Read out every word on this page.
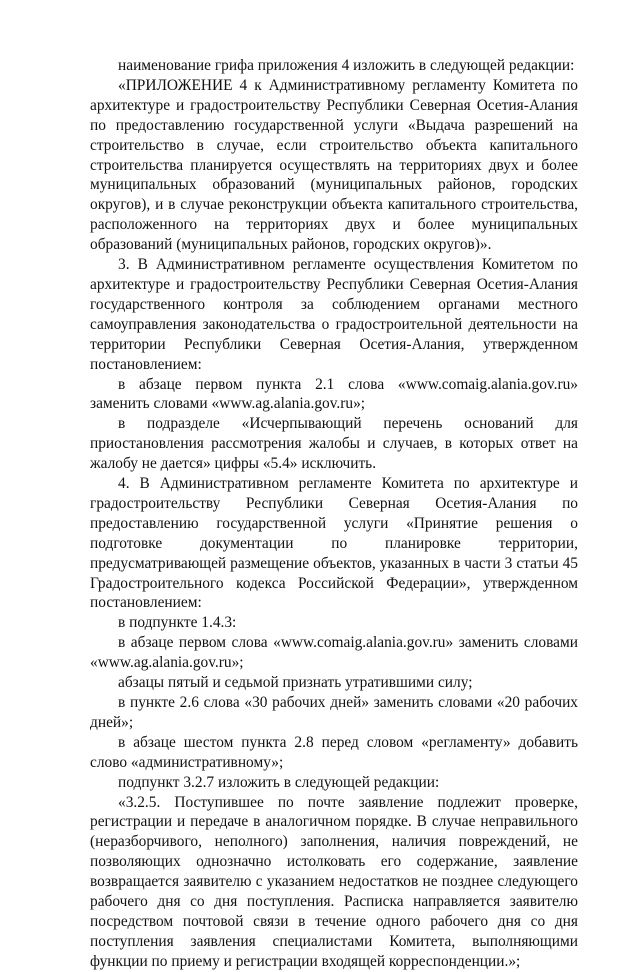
наименование грифа приложения 4 изложить в следующей редакции:

«ПРИЛОЖЕНИЕ 4 к Административному регламенту Комитета по архитектуре и градостроительству Республики Северная Осетия-Алания по предоставлению государственной услуги «Выдача разрешений на строительство в случае, если строительство объекта капитального строительства планируется осуществлять на территориях двух и более муниципальных образований (муниципальных районов, городских округов), и в случае реконструкции объекта капитального строительства, расположенного на территориях двух и более муниципальных образований (муниципальных районов, городских округов)».

3. В Административном регламенте осуществления Комитетом по архитектуре и градостроительству Республики Северная Осетия-Алания государственного контроля за соблюдением органами местного самоуправления законодательства о градостроительной деятельности на территории Республики Северная Осетия-Алания, утвержденном постановлением:

в абзаце первом пункта 2.1 слова «www.comaig.alania.gov.ru» заменить словами «www.ag.alania.gov.ru»;

в подразделе «Исчерпывающий перечень оснований для приостановления рассмотрения жалобы и случаев, в которых ответ на жалобу не дается» цифры «5.4» исключить.

4. В Административном регламенте Комитета по архитектуре и градостроительству Республики Северная Осетия-Алания по предоставлению государственной услуги «Принятие решения о подготовке документации по планировке территории, предусматривающей размещение объектов, указанных в части 3 статьи 45 Градостроительного кодекса Российской Федерации», утвержденном постановлением:

в подпункте 1.4.3:

в абзаце первом слова «www.comaig.alania.gov.ru» заменить словами «www.ag.alania.gov.ru»;

абзацы пятый и седьмой признать утратившими силу;

в пункте 2.6 слова «30 рабочих дней» заменить словами «20 рабочих дней»;

в абзаце шестом пункта 2.8 перед словом «регламенту» добавить слово «административному»;

подпункт 3.2.7 изложить в следующей редакции:

«3.2.5. Поступившее по почте заявление подлежит проверке, регистрации и передаче в аналогичном порядке. В случае неправильного (неразборчивого, неполного) заполнения, наличия повреждений, не позволяющих однозначно истолковать его содержание, заявление возвращается заявителю с указанием недостатков не позднее следующего рабочего дня со дня поступления. Расписка направляется заявителю посредством почтовой связи в течение одного рабочего дня со дня поступления заявления специалистами Комитета, выполняющими функции по приему и регистрации входящей корреспонденции.»;
